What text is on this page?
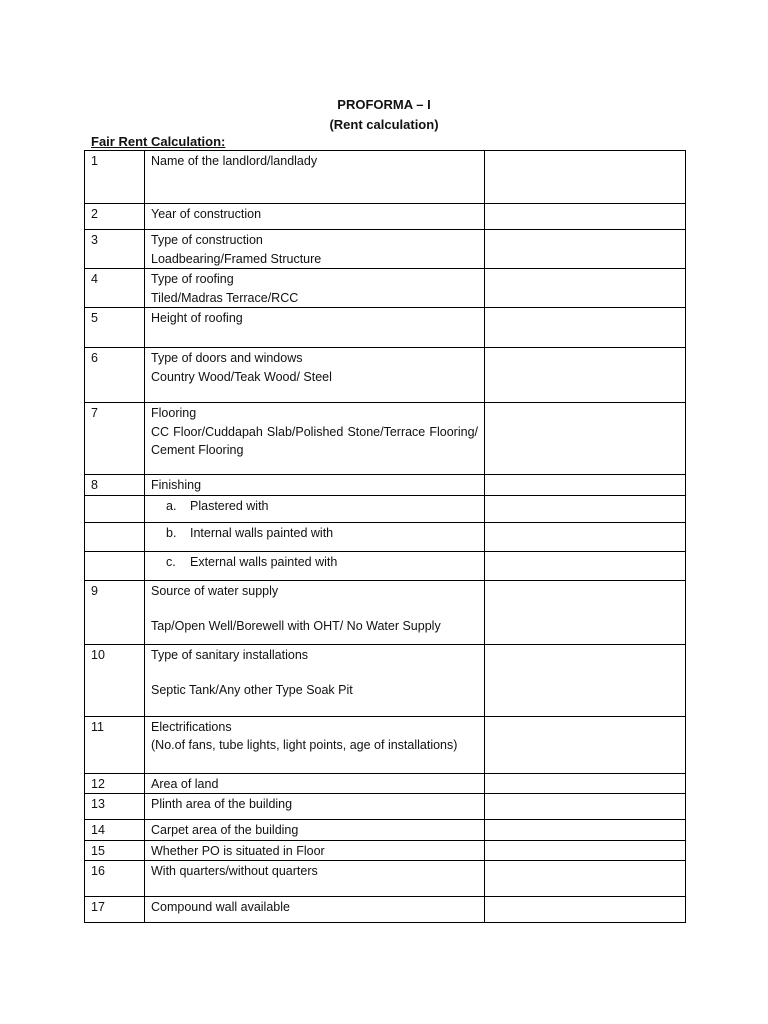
PROFORMA – I
(Rent calculation)
Fair Rent Calculation:
1	Name of the landlord/landlady	
2	Year of construction	
3	Type of construction
Loadbearing/Framed Structure	

4	Type of roofing
Tiled/Madras Terrace/RCC	

5	Height of roofing	
6	Type of doors and windows
Country Wood/Teak Wood/ Steel	

7	Flooring
CC Floor/Cuddapah Slab/Polished Stone/Terrace Flooring/ Cement Flooring	

8	Finishing	
	a. Plastered with	
	b. Internal walls painted with	
	c. External walls painted with	
9	Source of water supply
Tap/Open Well/Borewell with OHT/ No Water Supply	

10	Type of sanitary installations
Septic Tank/Any other Type Soak Pit	

11	Electrifications
(No.of fans, tube lights, light points, age of installations)	

12	Area of land	
13	Plinth area of the building	
14	Carpet area of the building	
15	Whether PO is situated in Floor	
16	With quarters/without quarters	
17	Compound wall available	
